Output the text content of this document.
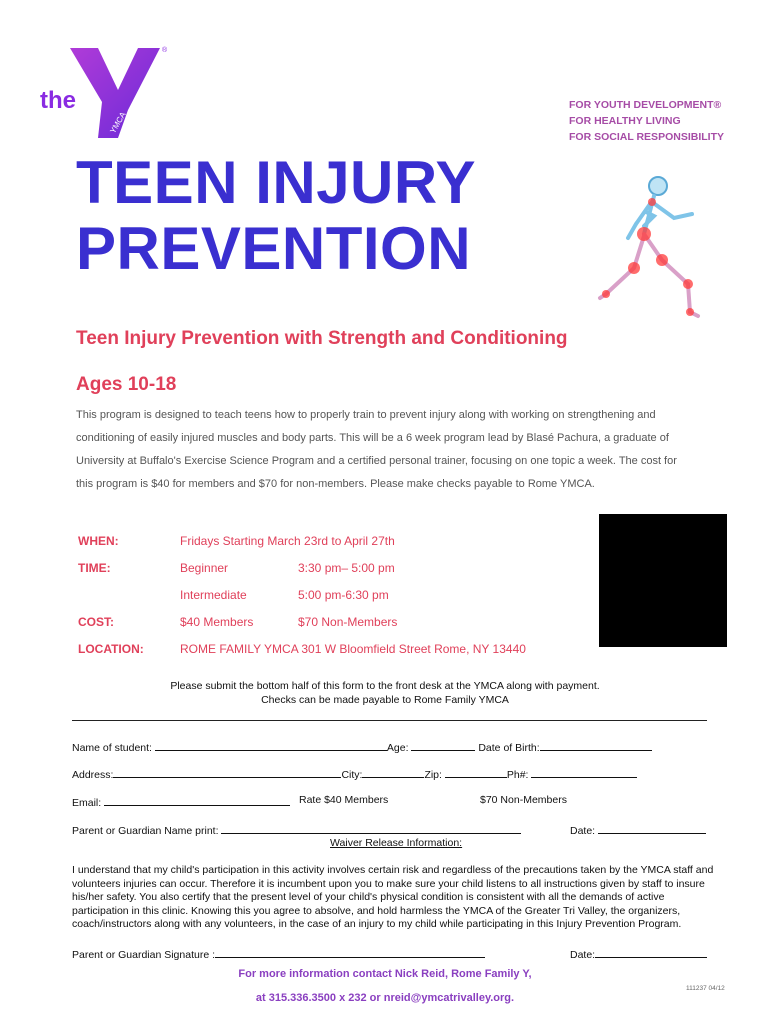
the
YMCA
®
FOR YOUTH DEVELOPMENT®
FOR HEALTHY LIVING
FOR SOCIAL RESPONSIBILITY
TEEN INJURY
PREVENTION
Teen Injury Prevention with Strength and Conditioning
Ages 10-18
This program is designed to teach teens how to properly train to prevent injury along with working on strengthening and conditioning of easily injured muscles and body parts. This will be a 6 week program lead by Blasé Pachura, a graduate of University at Buffalo's Exercise Science Program and a certified personal trainer, focusing on one topic a week. The cost for this program is $40 for members and $70 for non-members. Please make checks payable to Rome YMCA.
WHEN:	Fridays Starting March 23rd to April 27th
TIME:	Beginner	3:30 pm– 5:00 pm
Intermediate	5:00 pm-6:30 pm
COST:	$40 Members	$70 Non-Members
LOCATION:	ROME FAMILY YMCA 301 W Bloomfield Street Rome, NY 13440
Please submit the bottom half of this form to the front desk at the YMCA along with payment.
Checks can be made payable to Rome Family YMCA
Name of student:	Age:	Date of Birth:
Address:	City:	Zip:	Ph#:
Email:	Rate $40 Members	$70 Non-Members
Parent or Guardian Name print:	Date:
Waiver Release Information:
I understand that my child's participation in this activity involves certain risk and regardless of the precautions taken by the YMCA staff and volunteers injuries can occur. Therefore it is incumbent upon you to make sure your child listens to all instructions given by staff to insure his/her safety. You also certify that the present level of your child's physical condition is consistent with all the demands of active participation in this clinic. Knowing this you agree to absolve, and hold harmless the YMCA of the Greater Tri Valley, the organizers, coach/instructors along with any volunteers, in the case of an injury to my child while participating in this Injury Prevention Program.
Parent or Guardian Signature :	Date:
For more information contact Nick Reid, Rome Family Y,
at 315.336.3500 x 232 or nreid@ymcatrivalley.org.
111237 04/12
